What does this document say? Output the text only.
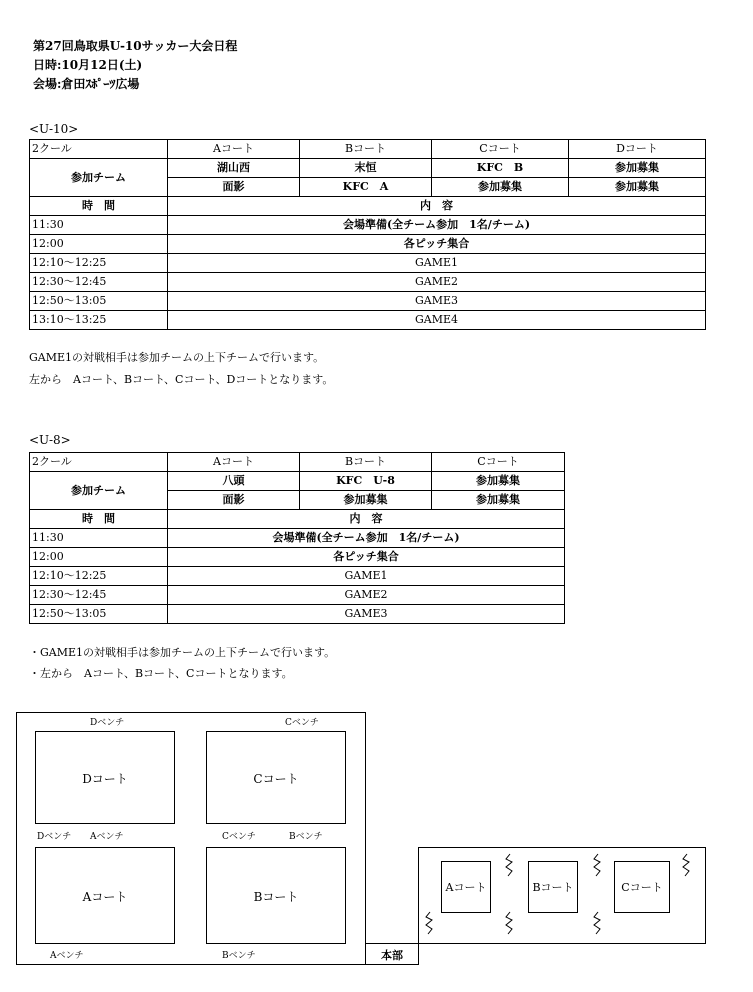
第27回鳥取県U-10サッカー大会日程
日時:10月12日(土)
会場:倉田ｽﾎﾟｰﾂ広場
<U-10>
2クール	Aコート	Bコート	Cコート	Dコート
参加チーム	湖山西	末恒	KFC　B	参加募集
	面影	KFC　A	参加募集	参加募集
時　間	内　容			
11:30	会場準備(全チーム参加　1名/チーム)			
12:00	各ピッチ集合			
12:10～12:25	GAME1			
12:30～12:45	GAME2			
12:50～13:05	GAME3			
13:10～13:25	GAME4			
GAME1の対戦相手は参加チームの上下チームで行います。
左から　Aコート、Bコート、Cコート、Dコートとなります。
<U-8>
2クール	Aコート	Bコート	Cコート
参加チーム	八頭	KFC　U-8	参加募集
	面影	参加募集	参加募集
時　間	内　容		
11:30	会場準備(全チーム参加　1名/チーム)		
12:00	各ピッチ集合		
12:10～12:25	GAME1		
12:30～12:45	GAME2		
12:50～13:05	GAME3		
・GAME1の対戦相手は参加チームの上下チームで行います。
・左から　Aコート、Bコート、Cコートとなります。
Dベンチ	Cベンチ
Dコート	Cコート
Dベンチ Aベンチ	Cベンチ	Bベンチ
Aコート	Bコート
Aベンチ	Bベンチ	本部
Aコート	Bコート	Cコート
